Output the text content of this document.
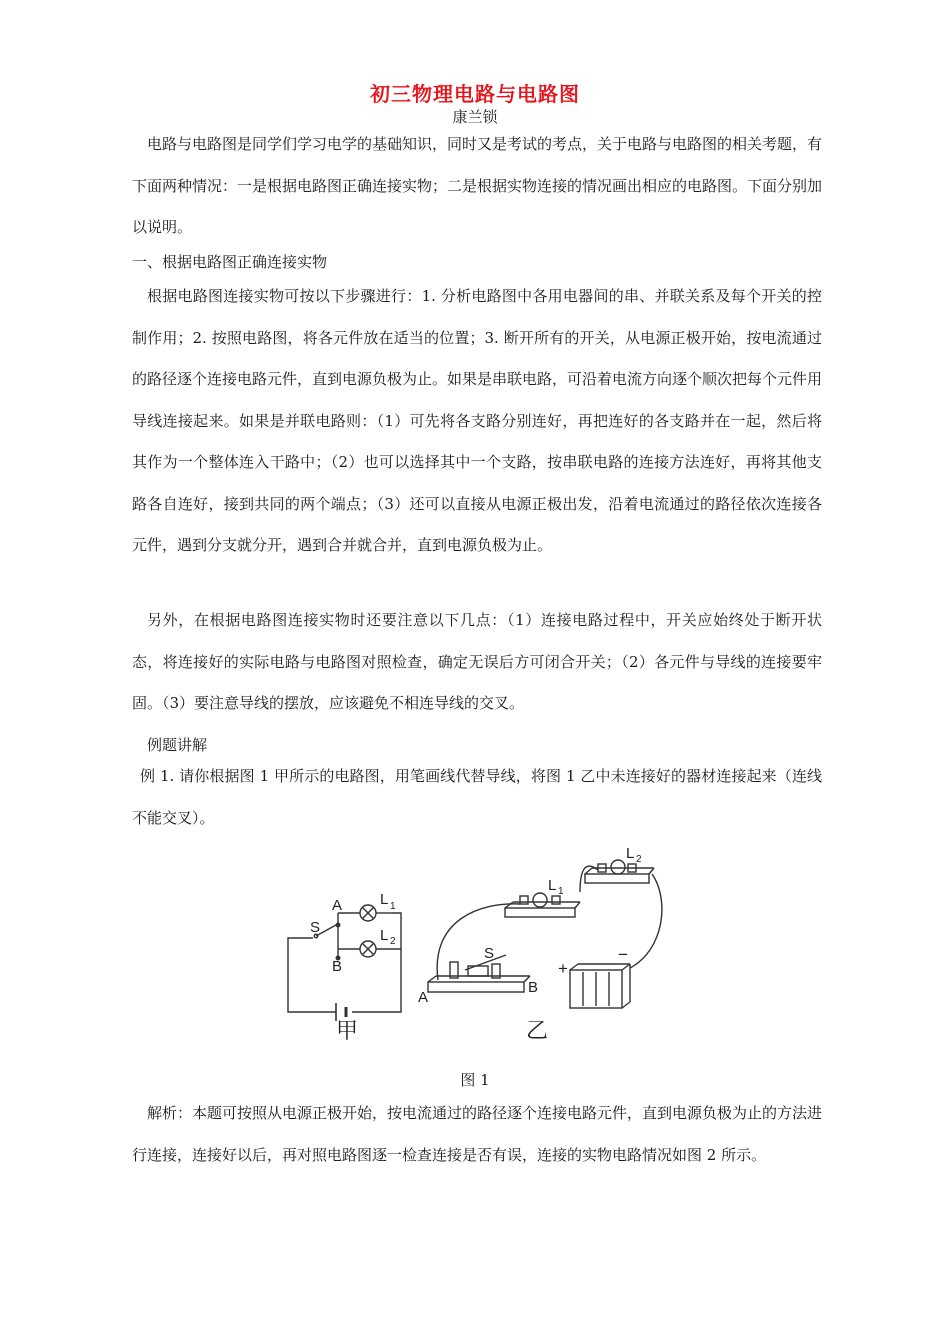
初三物理电路与电路图
康兰锁

电路与电路图是同学们学习电学的基础知识，同时又是考试的考点，关于电路与电路图的相关考题，有下面两种情况：一是根据电路图正确连接实物；二是根据实物连接的情况画出相应的电路图。下面分别加以说明。

一、根据电路图正确连接实物

根据电路图连接实物可按以下步骤进行：1. 分析电路图中各用电器间的串、并联关系及每个开关的控制作用；2. 按照电路图，将各元件放在适当的位置；3. 断开所有的开关，从电源正极开始，按电流通过的路径逐个连接电路元件，直到电源负极为止。如果是串联电路，可沿着电流方向逐个顺次把每个元件用导线连接起来。如果是并联电路则：（1）可先将各支路分别连好，再把连好的各支路并在一起，然后将其作为一个整体连入干路中；（2）也可以选择其中一个支路，按串联电路的连接方法连好，再将其他支路各自连好，接到共同的两个端点；（3）还可以直接从电源正极出发，沿着电流通过的路径依次连接各元件，遇到分支就分开，遇到合并就合并，直到电源负极为止。

另外，在根据电路图连接实物时还要注意以下几点：（1）连接电路过程中，开关应始终处于断开状态，将连接好的实际电路与电路图对照检查，确定无误后方可闭合开关；（2）各元件与导线的连接要牢固。（3）要注意导线的摆放，应该避免不相连导线的交叉。

例题讲解

例 1. 请你根据图 1 甲所示的电路图，用笔画线代替导线，将图 1 乙中未连接好的器材连接起来（连线不能交叉）。

A
S
B
L 1
L 2
A
B
S
L 1
L 2
+
−
甲	乙
图 1

解析：本题可按照从电源正极开始，按电流通过的路径逐个连接电路元件，直到电源负极为止的方法进行连接，连接好以后，再对照电路图逐一检查连接是否有误，连接的实物电路情况如图 2 所示。
